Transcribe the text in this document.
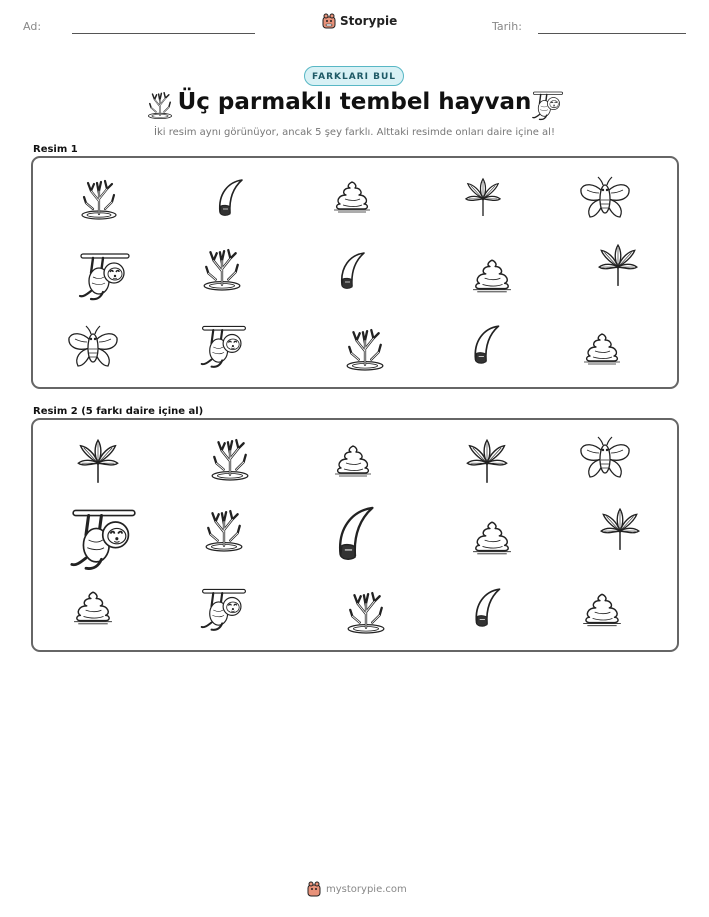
Ad:	Storypie	Tarih:
FARKLARI BUL
Üç parmaklı tembel hayvan
İki resim aynı görünüyor, ancak 5 şey farklı. Alttaki resimde onları daire içine al!
Resim 1
Resim 2 (5 farkı daire içine al)
mystorypie.com
